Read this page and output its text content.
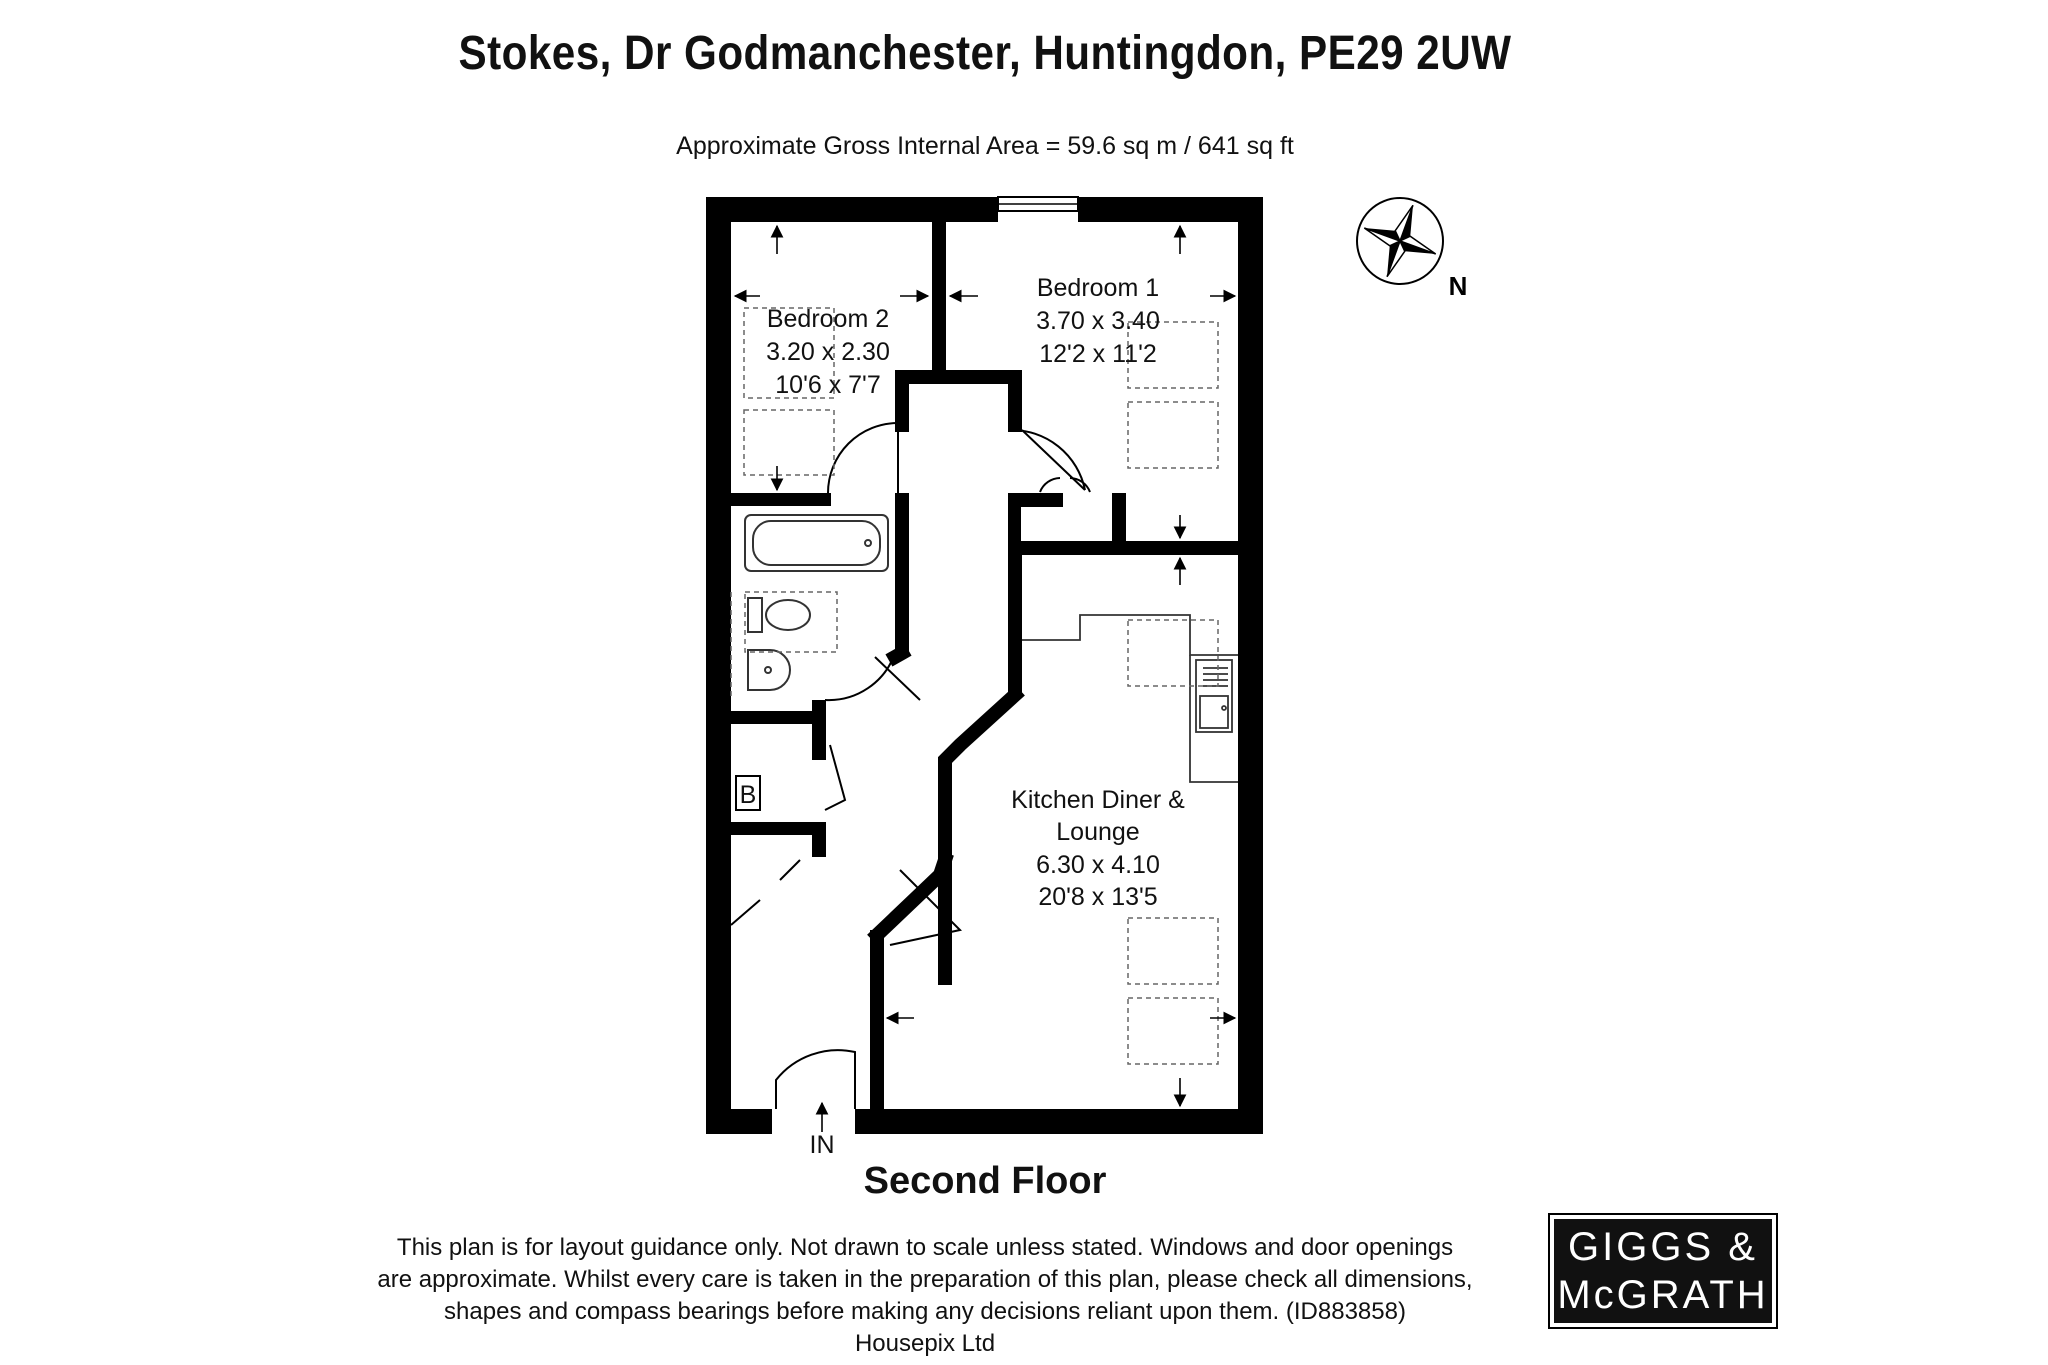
Stokes, Dr Godmanchester, Huntingdon, PE29 2UW
Approximate Gross Internal Area = 59.6 sq m / 641 sq ft
N
Bedroom 2
3.20 x 2.30
10'6 x 7'7
Bedroom 1
3.70 x 3.40
12'2 x 11'2
Kitchen Diner &
Lounge
6.30 x 4.10
20'8 x 13'5
B
IN
Second Floor
This plan is for layout guidance only. Not drawn to scale unless stated. Windows and door openings
are approximate. Whilst every care is taken in the preparation of this plan, please check all dimensions,
shapes and compass bearings before making any decisions reliant upon them. (ID883858)
Housepix Ltd
GIGGS &
McGRATH
